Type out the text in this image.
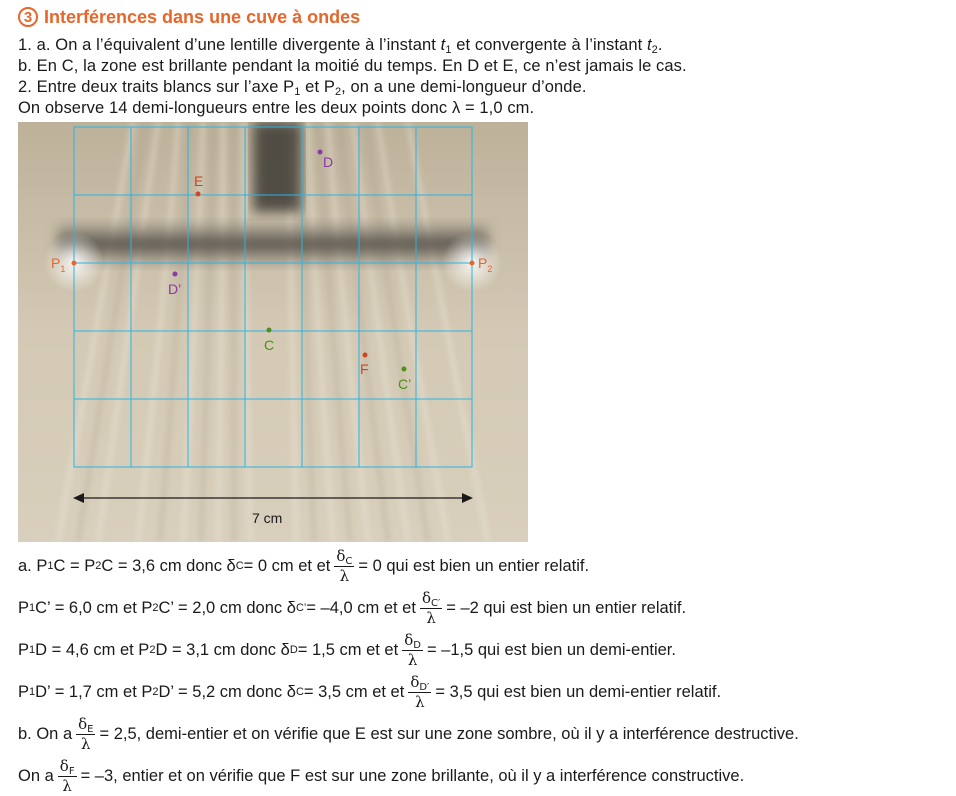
3 Interférences dans une cuve à ondes
1. a. On a l’équivalent d’une lentille divergente à l’instant $t_1$ et convergente à l’instant $t_2$.
b. En C, la zone est brillante pendant la moitié du temps. En D et E, ce n’est jamais le cas.
2. Entre deux traits blancs sur l’axe $P_1$ et $P_2$, on a une demi-longueur d’onde.
On observe 14 demi-longueurs entre les deux points donc λ = 1,0 cm.
$P_1$	$P_2$
D
D’
E
C
F
C’
7 cm
a. P 1 C = P 2 C = 3,6 cm donc δ C = 0 cm et et $\frac{\delta_C}{\lambda} = 0$ qui est bien un entier relatif.
P 1 C’ = 6,0 cm et P 2 C’ = 2,0 cm donc δ C’ = –4,0 cm et et $\frac{\delta_{C'}}{\lambda} = -2$ qui est bien un entier relatif.
P 1 D = 4,6 cm et P 2 D = 3,1 cm donc δ D = 1,5 cm et et $\frac{\delta_D}{\lambda} = -1,5$ qui est bien un demi-entier.
P 1 D’ = 1,7 cm et P 2 D’ = 5,2 cm donc δ C = 3,5 cm et et $\frac{\delta_{D'}}{\lambda} = 3,5$ qui est bien un demi-entier relatif.
b. On a $\frac{\delta_E}{\lambda} = 2,5$, demi-entier et on vérifie que E est sur une zone sombre, où il y a interférence destructive.
On a $\frac{\delta_F}{\lambda} = -3$, entier et on vérifie que F est sur une zone brillante, où il y a interférence constructive.
